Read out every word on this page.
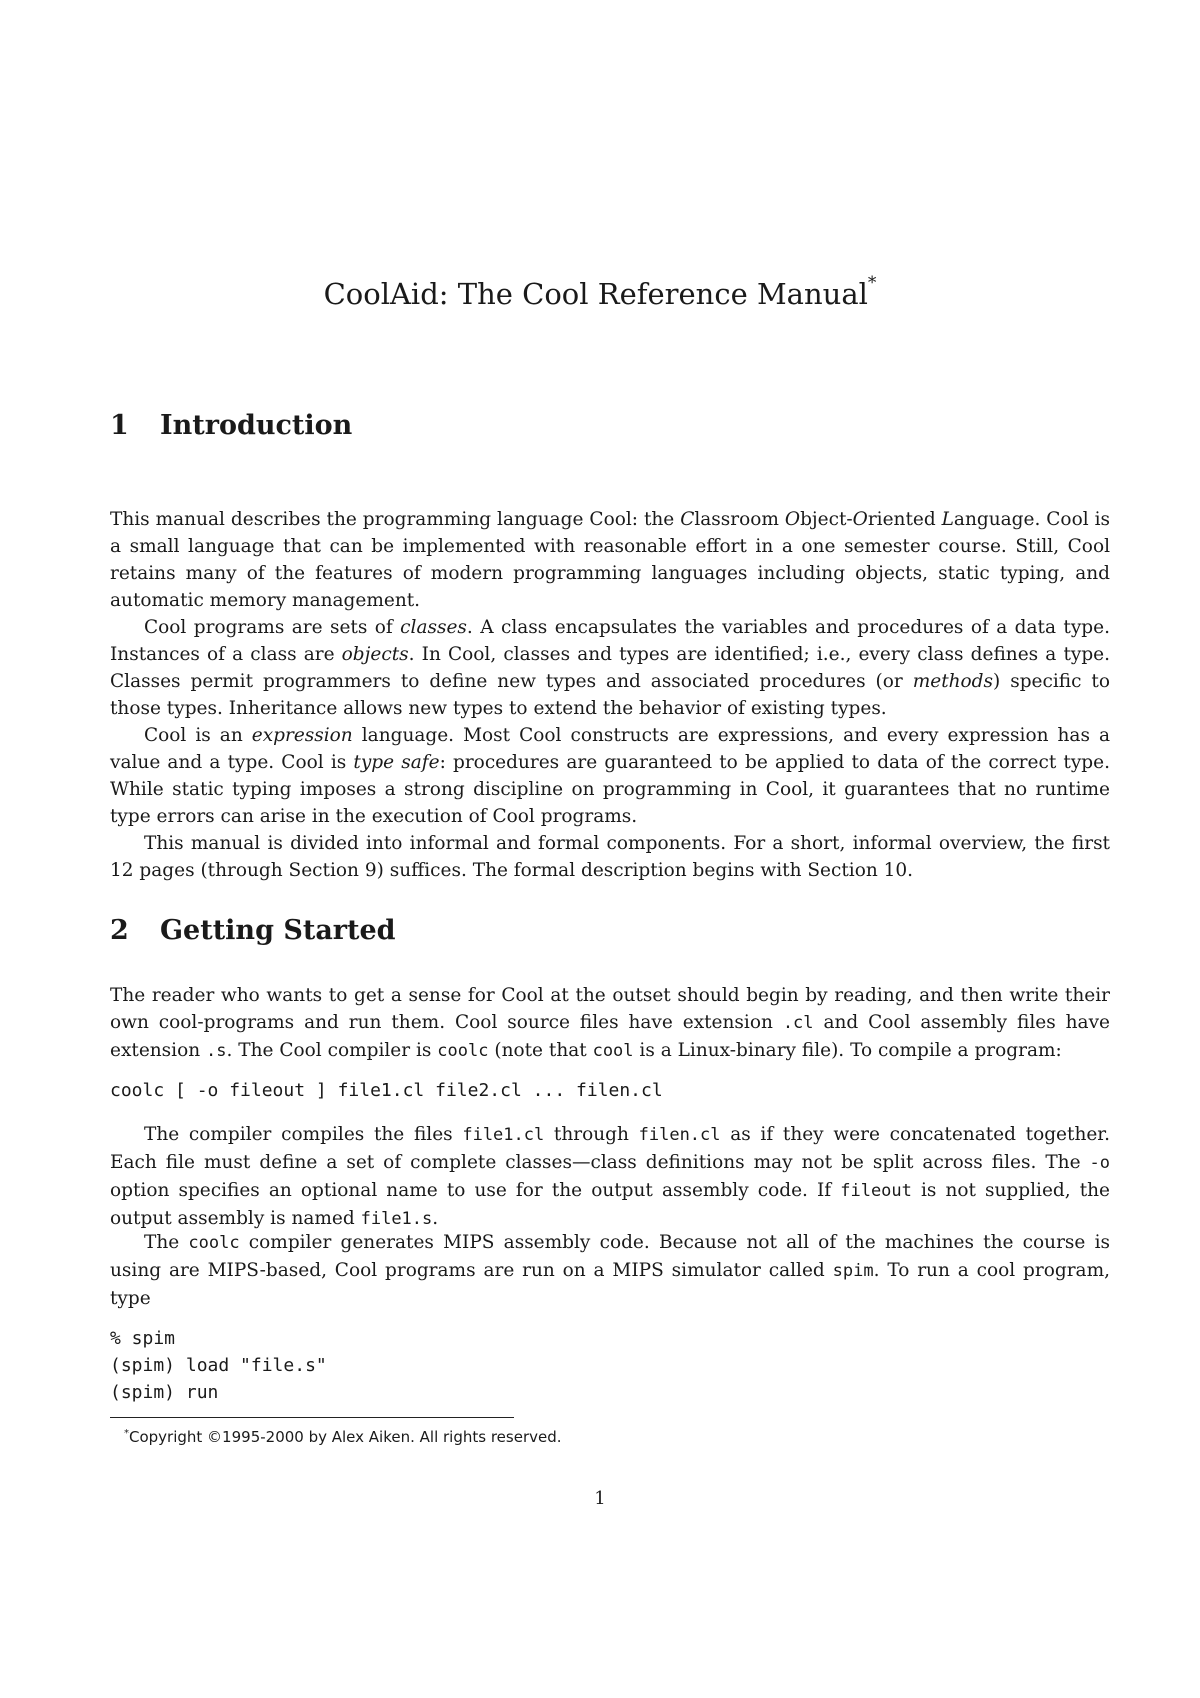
CoolAid: The Cool Reference Manual*
1 Introduction

This manual describes the programming language Cool: the Classroom Object-Oriented Language. Cool is a small language that can be implemented with reasonable effort in a one semester course. Still, Cool retains many of the features of modern programming languages including objects, static typing, and automatic memory management.

Cool programs are sets of classes. A class encapsulates the variables and procedures of a data type. Instances of a class are objects. In Cool, classes and types are identified; i.e., every class defines a type. Classes permit programmers to define new types and associated procedures (or methods) specific to those types. Inheritance allows new types to extend the behavior of existing types.

Cool is an expression language. Most Cool constructs are expressions, and every expression has a value and a type. Cool is type safe: procedures are guaranteed to be applied to data of the correct type. While static typing imposes a strong discipline on programming in Cool, it guarantees that no runtime type errors can arise in the execution of Cool programs.

This manual is divided into informal and formal components. For a short, informal overview, the first 12 pages (through Section 9) suffices. The formal description begins with Section 10.

2 Getting Started

The reader who wants to get a sense for Cool at the outset should begin by reading, and then write their own cool-programs and run them. Cool source files have extension .cl and Cool assembly files have extension .s. The Cool compiler is coolc (note that cool is a Linux-binary file). To compile a program:

coolc [ -o fileout ] file1.cl file2.cl ... filen.cl

The compiler compiles the files file1.cl through filen.cl as if they were concatenated together. Each file must define a set of complete classes—class definitions may not be split across files. The -o option specifies an optional name to use for the output assembly code. If fileout is not supplied, the output assembly is named file1.s.

The coolc compiler generates MIPS assembly code. Because not all of the machines the course is using are MIPS-based, Cool programs are run on a MIPS simulator called spim. To run a cool program, type

% spim
(spim) load "file.s"
(spim) run
*Copyright ©1995-2000 by Alex Aiken. All rights reserved.
1
